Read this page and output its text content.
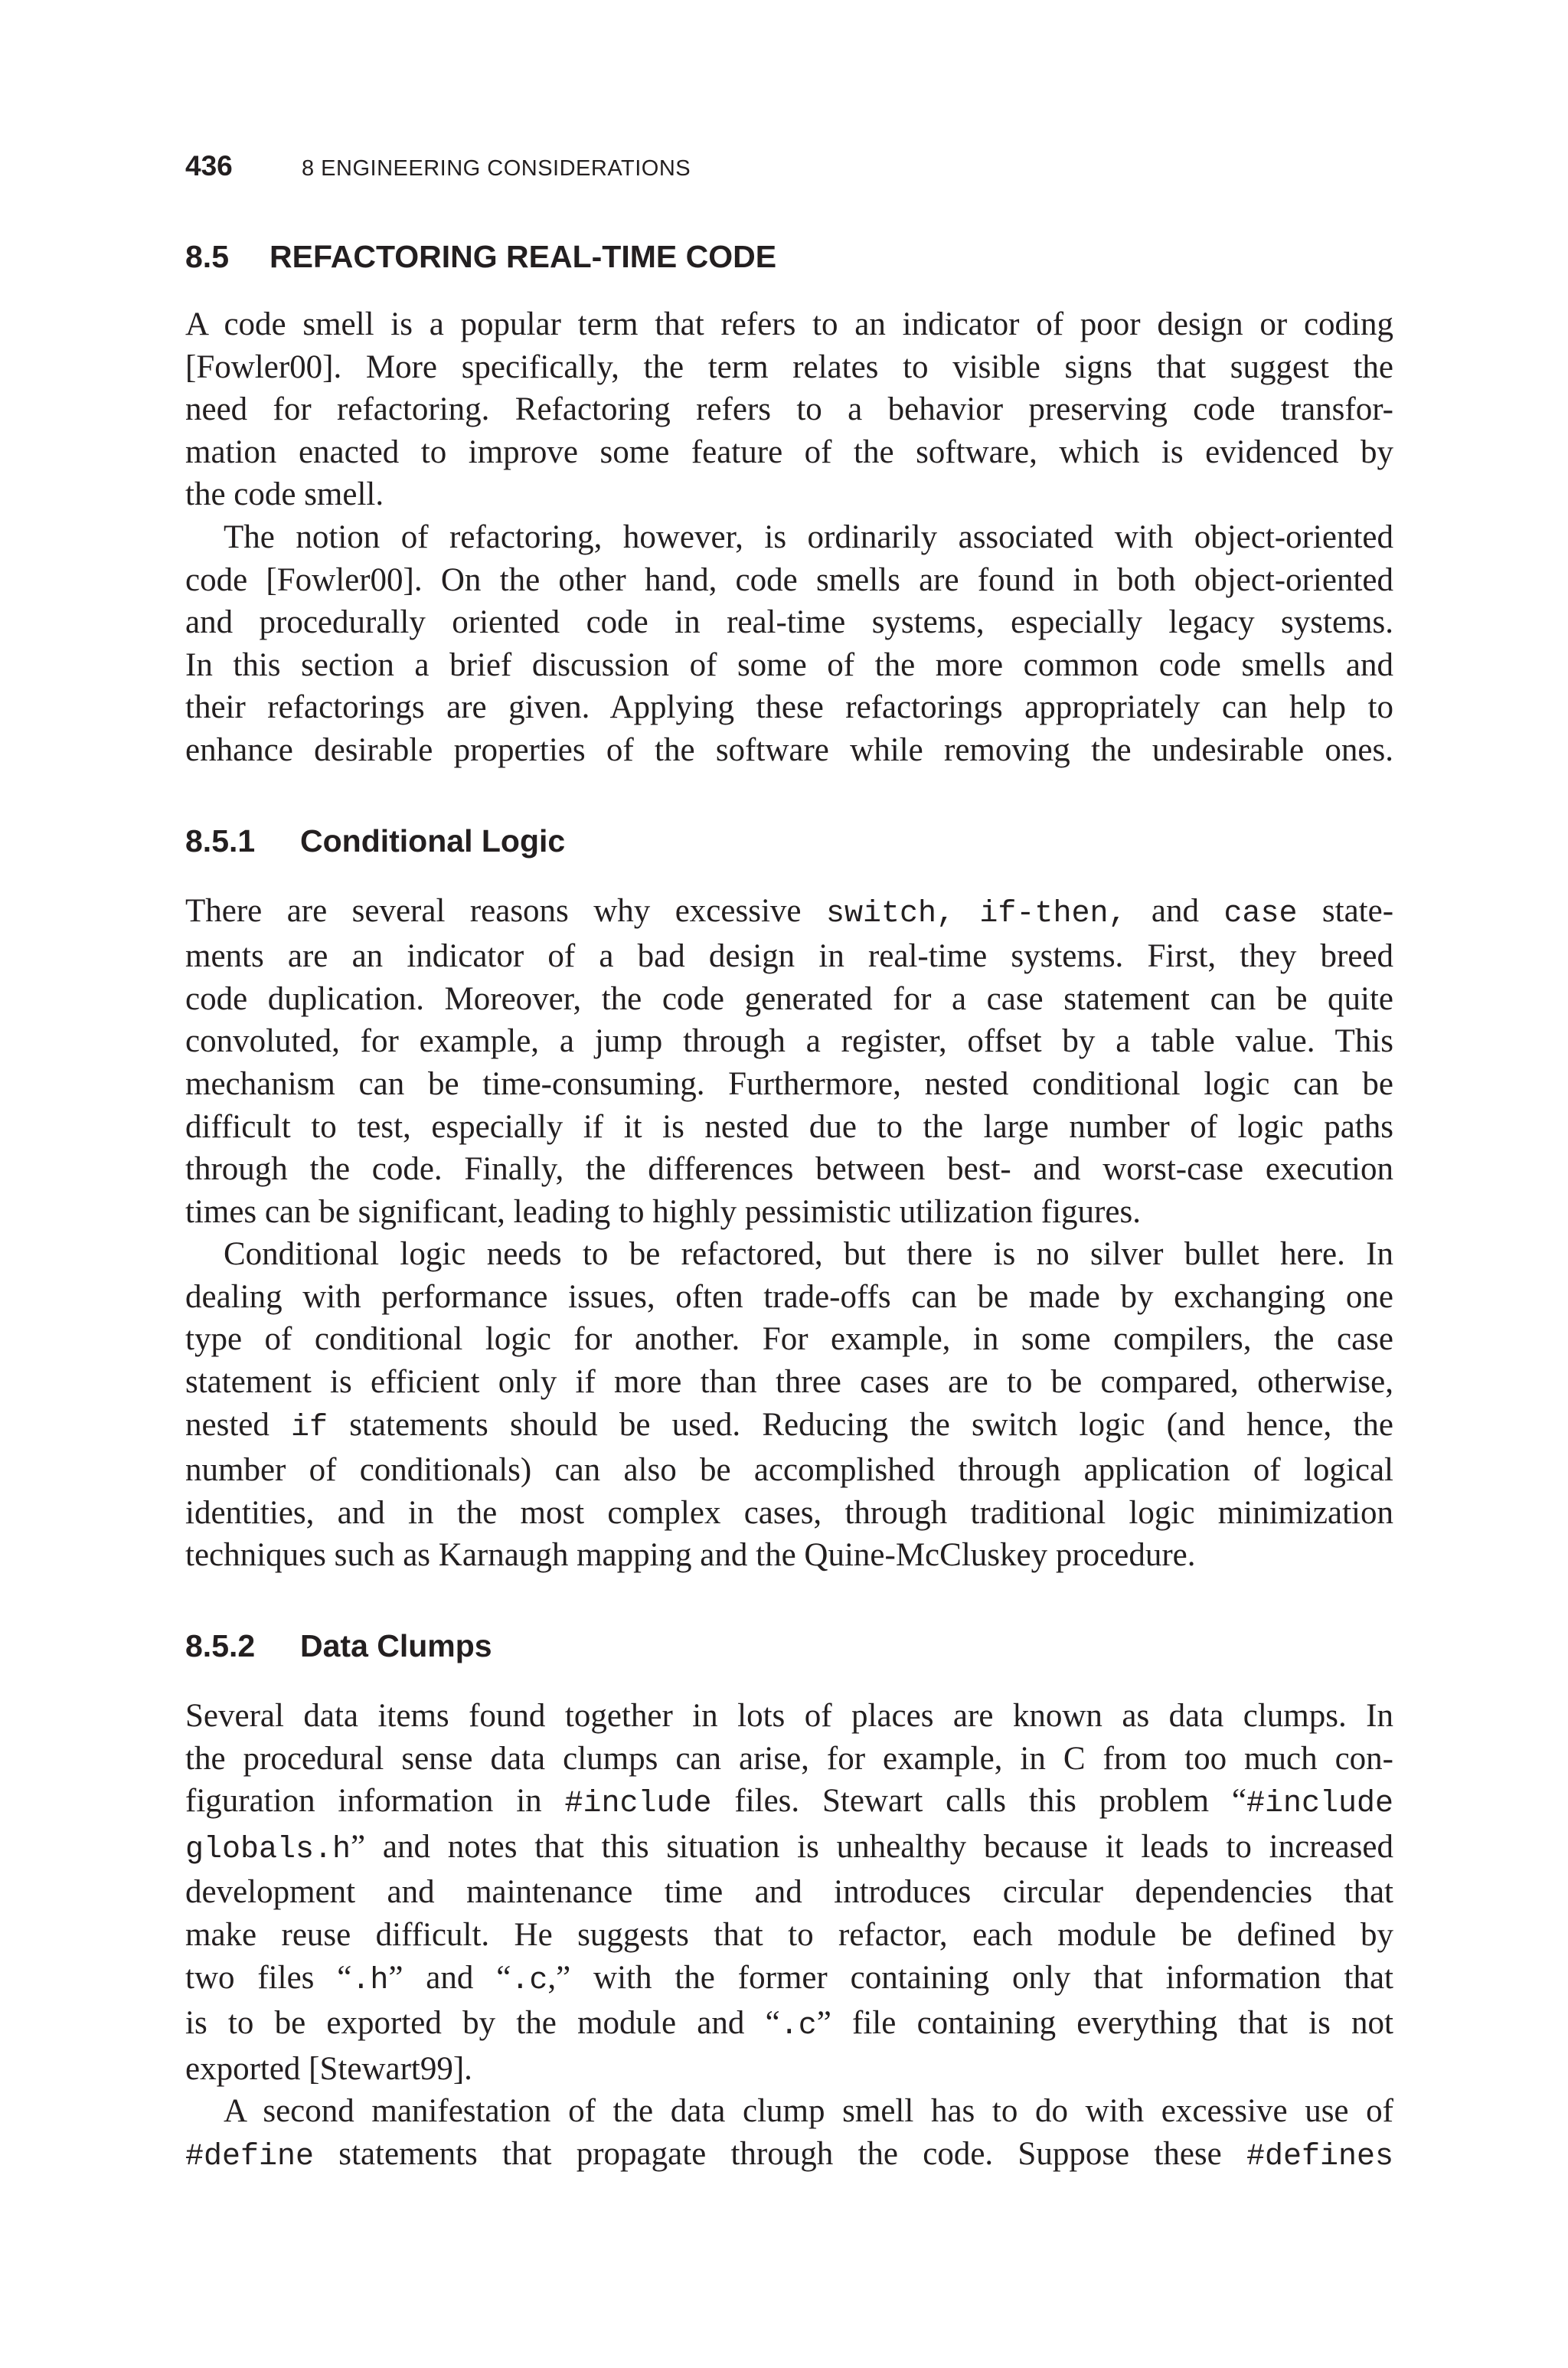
436	8 ENGINEERING CONSIDERATIONS
8.5 REFACTORING REAL-TIME CODE

A code smell is a popular term that refers to an indicator of poor design or coding
[Fowler00]. More specifically, the term relates to visible signs that suggest the
need for refactoring. Refactoring refers to a behavior preserving code transfor-
mation enacted to improve some feature of the software, which is evidenced by
the code smell.

The notion of refactoring, however, is ordinarily associated with object-oriented
code [Fowler00]. On the other hand, code smells are found in both object-oriented
and procedurally oriented code in real-time systems, especially legacy systems.
In this section a brief discussion of some of the more common code smells and
their refactorings are given. Applying these refactorings appropriately can help to
enhance desirable properties of the software while removing the undesirable ones.

8.5.1 Conditional Logic

There are several reasons why excessive switch, if-then, and case state-
ments are an indicator of a bad design in real-time systems. First, they breed
code duplication. Moreover, the code generated for a case statement can be quite
convoluted, for example, a jump through a register, offset by a table value. This
mechanism can be time-consuming. Furthermore, nested conditional logic can be
difficult to test, especially if it is nested due to the large number of logic paths
through the code. Finally, the differences between best- and worst-case execution
times can be significant, leading to highly pessimistic utilization figures.

Conditional logic needs to be refactored, but there is no silver bullet here. In
dealing with performance issues, often trade-offs can be made by exchanging one
type of conditional logic for another. For example, in some compilers, the case
statement is efficient only if more than three cases are to be compared, otherwise,
nested if statements should be used. Reducing the switch logic (and hence, the
number of conditionals) can also be accomplished through application of logical
identities, and in the most complex cases, through traditional logic minimization
techniques such as Karnaugh mapping and the Quine-McCluskey procedure.

8.5.2 Data Clumps

Several data items found together in lots of places are known as data clumps. In
the procedural sense data clumps can arise, for example, in C from too much con-
figuration information in #include files. Stewart calls this problem “#include
globals.h” and notes that this situation is unhealthy because it leads to increased
development and maintenance time and introduces circular dependencies that
make reuse difficult. He suggests that to refactor, each module be defined by
two files “.h” and “.c,” with the former containing only that information that
is to be exported by the module and “.c” file containing everything that is not
exported [Stewart99].

A second manifestation of the data clump smell has to do with excessive use of
#define statements that propagate through the code. Suppose these #defines
